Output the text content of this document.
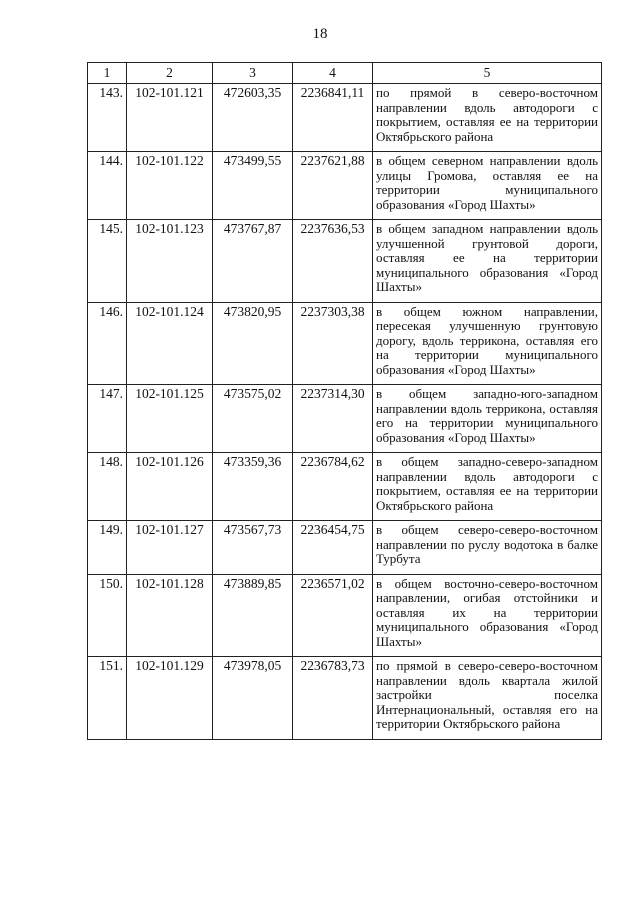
18
1	2	3	4	5
143.	102-101.121	472603,35	2236841,11	по прямой в северо-восточном направлении вдоль автодороги с покрытием, оставляя ее на территории Октябрьского района
144.	102-101.122	473499,55	2237621,88	в общем северном направлении вдоль улицы Громова, оставляя ее на территории муниципального образования «Город Шахты»
145.	102-101.123	473767,87	2237636,53	в общем западном направлении вдоль улучшенной грунтовой дороги, оставляя ее на территории муниципального образования «Город Шахты»
146.	102-101.124	473820,95	2237303,38	в общем южном направлении, пересекая улучшенную грунтовую дорогу, вдоль терриконa, оставляя его на территории муниципального образования «Город Шахты»
147.	102-101.125	473575,02	2237314,30	в общем западно-юго-западном направлении вдоль терриконa, оставляя его на территории муниципального образования «Город Шахты»
148.	102-101.126	473359,36	2236784,62	в общем западно-северо-западном направлении вдоль автодороги с покрытием, оставляя ее на территории Октябрьского района
149.	102-101.127	473567,73	2236454,75	в общем северо-северо-восточном направлении по руслу водотока в балке Турбута
150.	102-101.128	473889,85	2236571,02	в общем восточно-северо-восточном направлении, огибая отстойники и оставляя их на территории муниципального образования «Город Шахты»
151.	102-101.129	473978,05	2236783,73	по прямой в северо-северо-восточном направлении вдоль квартала жилой застройки поселка Интернациональный, оставляя его на территории Октябрьского района
